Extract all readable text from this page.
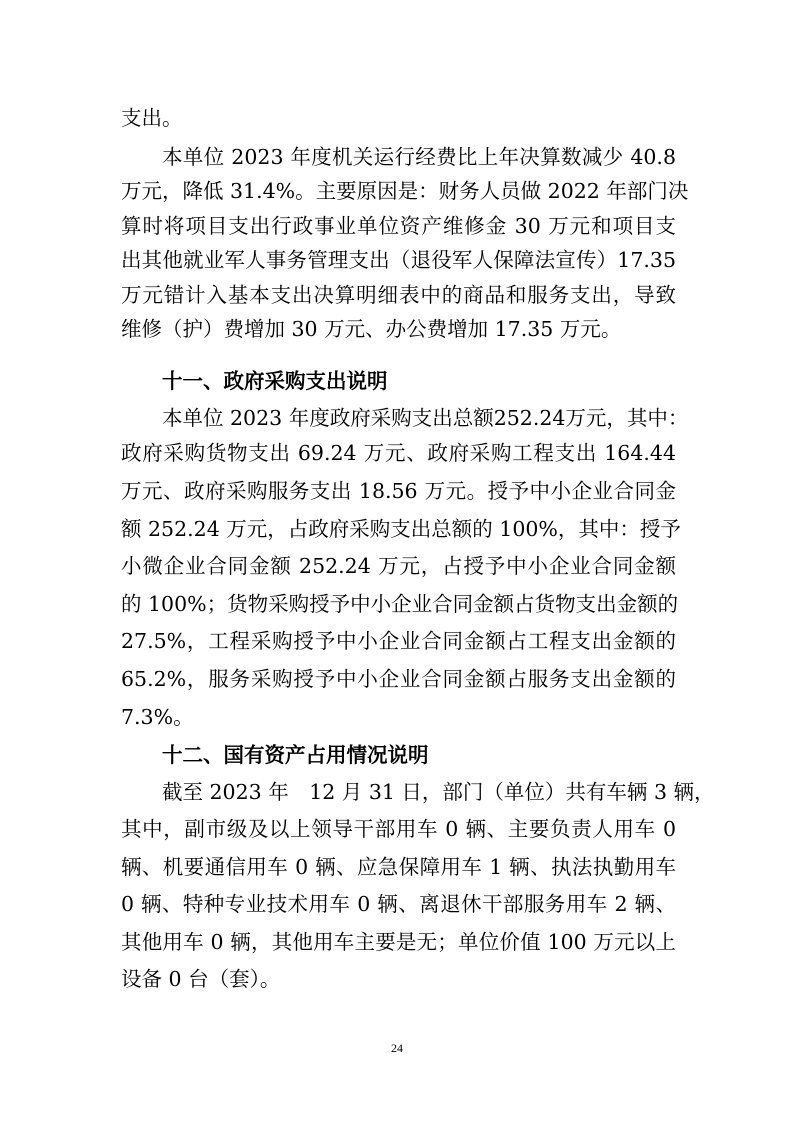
支出。
本单位 2023 年度机关运行经费比上年决算数减少 40.8
万元，降低 31.4%。主要原因是：财务人员做 2022 年部门决
算时将项目支出行政事业单位资产维修金 30 万元和项目支
出其他就业军人事务管理支出（退役军人保障法宣传）17.35
万元错计入基本支出决算明细表中的商品和服务支出，导致
维修（护）费增加 30 万元、办公费增加 17.35 万元。
十一、政府采购支出说明
本单位 2023 年度政府采购支出总额252.24万元，其中：
政府采购货物支出 69.24 万元、政府采购工程支出 164.44
万元、政府采购服务支出 18.56 万元。授予中小企业合同金
额 252.24 万元，占政府采购支出总额的 100%，其中：授予
小微企业合同金额 252.24 万元，占授予中小企业合同金额
的 100%；货物采购授予中小企业合同金额占货物支出金额的
27.5%，工程采购授予中小企业合同金额占工程支出金额的
65.2%，服务采购授予中小企业合同金额占服务支出金额的
7.3%。
十二、国有资产占用情况说明
截至 2023 年　12 月 31 日，部门（单位）共有车辆 3 辆，
其中，副市级及以上领导干部用车 0 辆、主要负责人用车 0
辆、机要通信用车 0 辆、应急保障用车 1 辆、执法执勤用车
0 辆、特种专业技术用车 0 辆、离退休干部服务用车 2 辆、
其他用车 0 辆，其他用车主要是无；单位价值 100 万元以上
设备 0 台（套）。
24
